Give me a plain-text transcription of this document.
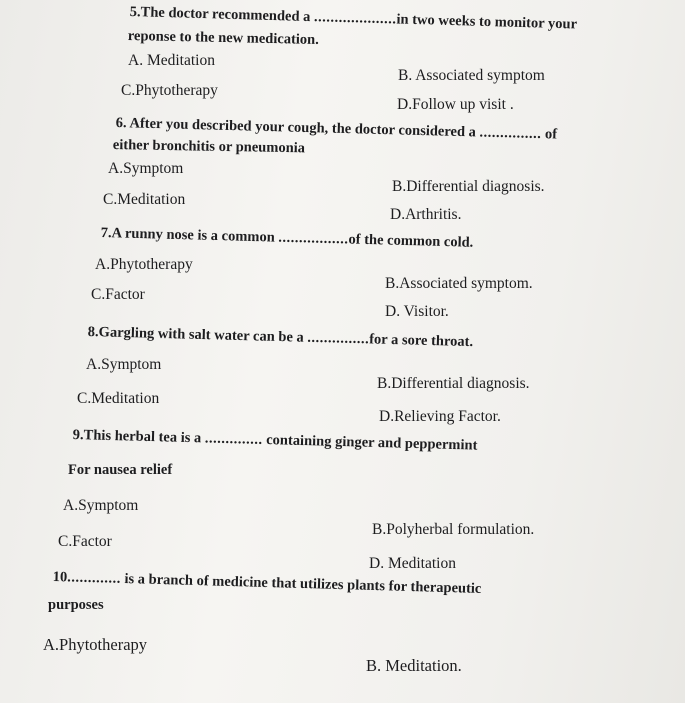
5.The doctor recommended a ....................in two weeks to monitor your
reponse to the new medication.
A. Meditation
B. Associated symptom
C.Phytotherapy
D.Follow up visit .
6. After you described your cough, the doctor considered a ............... of
either bronchitis or pneumonia
A.Symptom
B.Differential diagnosis.
C.Meditation
D.Arthritis.
7.A runny nose is a common .................of the common cold.
A.Phytotherapy
B.Associated symptom.
C.Factor
D. Visitor.
8.Gargling with salt water can be a ...............for a sore throat.
A.Symptom
B.Differential diagnosis.
C.Meditation
D.Relieving Factor.
9.This herbal tea is a .............. containing ginger and peppermint
For nausea relief
A.Symptom
B.Polyherbal formulation.
C.Factor
D. Meditation
10............. is a branch of medicine that utilizes plants for therapeutic
purposes
A.Phytotherapy
B. Meditation.
